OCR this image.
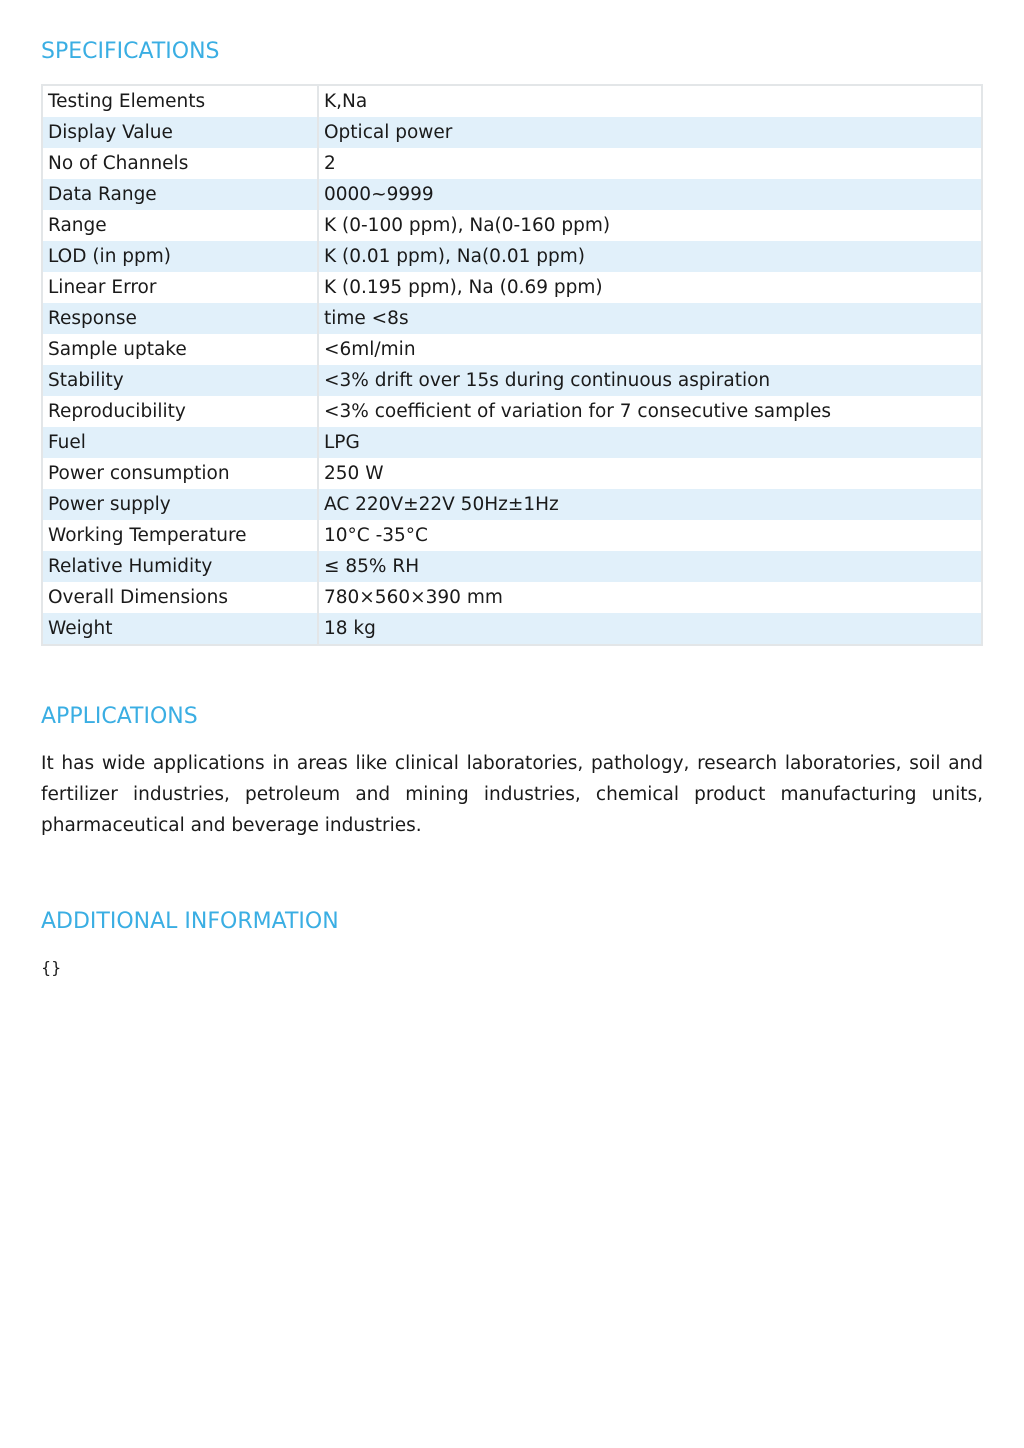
SPECIFICATIONS
Testing Elements	K,Na
Display Value	Optical power
No of Channels	2
Data Range	0000~9999
Range	K (0-100 ppm), Na(0-160 ppm)
LOD (in ppm)	K (0.01 ppm), Na(0.01 ppm)
Linear Error	K (0.195 ppm), Na (0.69 ppm)
Response	time <8s
Sample uptake	<6ml/min
Stability	<3% drift over 15s during continuous aspiration
Reproducibility	<3% coefficient of variation for 7 consecutive samples
Fuel	LPG
Power consumption	250 W
Power supply	AC 220V±22V 50Hz±1Hz
Working Temperature	10°C -35°C
Relative Humidity	≤ 85% RH
Overall Dimensions	780×560×390 mm
Weight	18 kg
APPLICATIONS

It has wide applications in areas like clinical laboratories, pathology, research laboratories, soil and fertilizer industries, petroleum and mining industries, chemical product manufacturing units, pharmaceutical and beverage industries.

ADDITIONAL INFORMATION
{}
